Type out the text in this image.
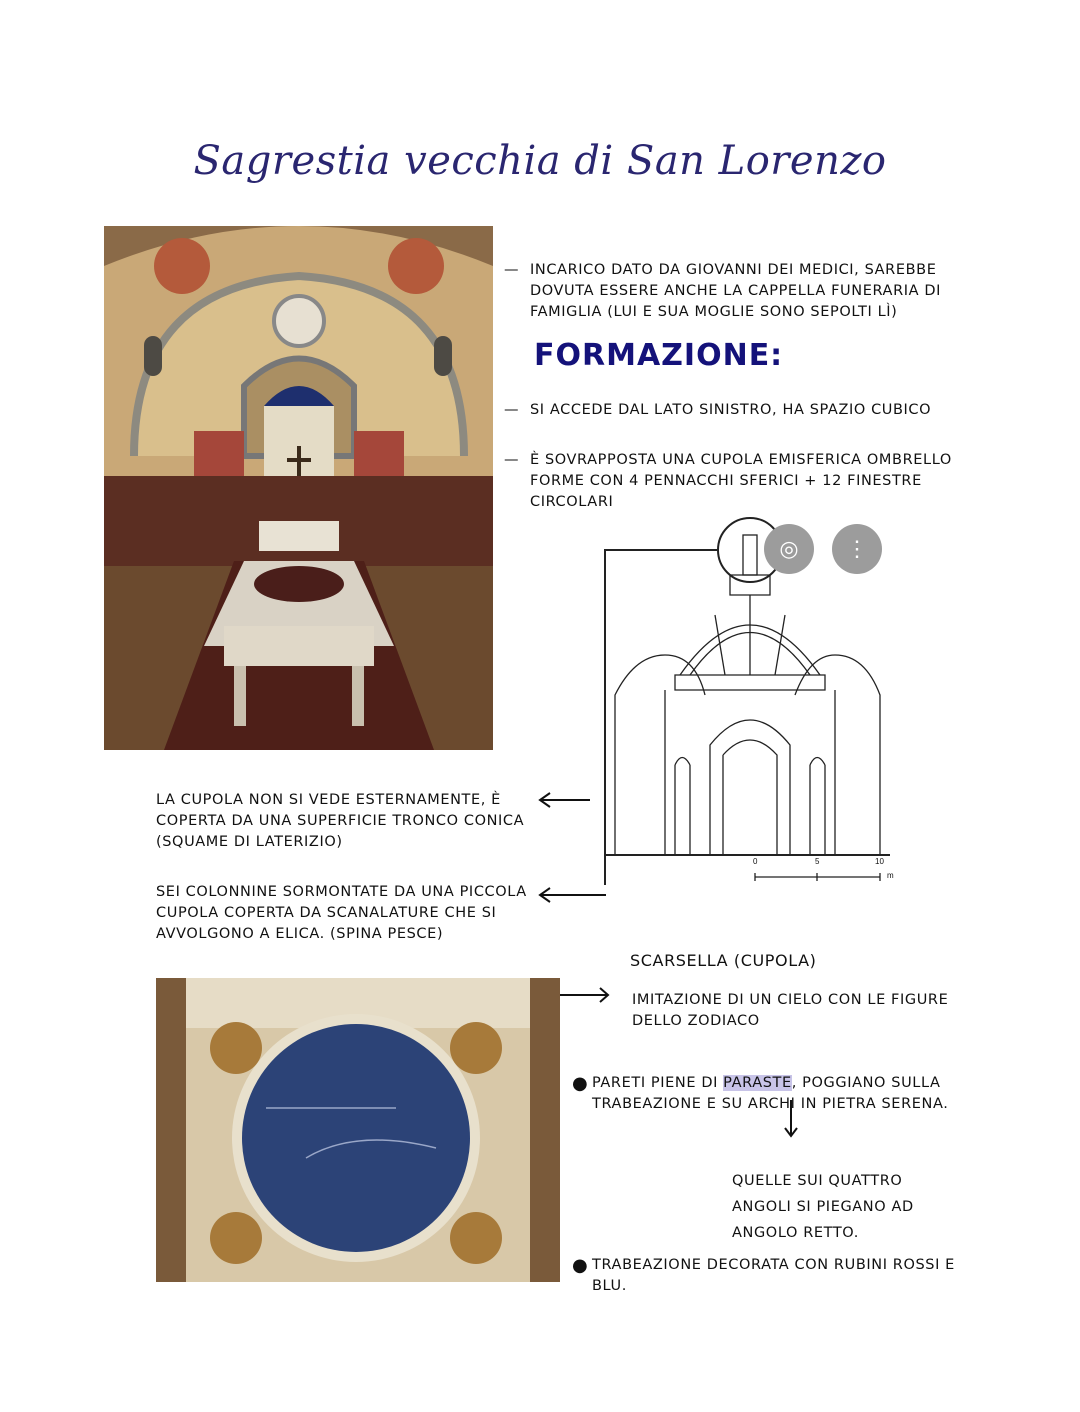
Sagrestia vecchia di San Lorenzo
— INCARICO DATO DA GIOVANNI DEI MEDICI, SAREBBE DOVUTA ESSERE ANCHE LA CAPPELLA FUNERARIA DI FAMIGLIA (LUI E SUA MOGLIE SONO SEPOLTI LÌ)
FORMAZIONE:
— SI ACCEDE DAL LATO SINISTRO, HA SPAZIO CUBICO
— È SOVRAPPOSTA UNA CUPOLA EMISFERICA OMBRELLO FORME CON 4 PENNACCHI SFERICI + 12 FINESTRE CIRCOLARI
0	5	10
m
◎	⋮
LA CUPOLA NON SI VEDE ESTERNAMENTE, È COPERTA DA UNA SUPERFICIE TRONCO CONICA (SQUAME DI LATERIZIO)
SEI COLONNINE SORMONTATE DA UNA PICCOLA CUPOLA COPERTA DA SCANALATURE CHE SI AVVOLGONO A ELICA. (SPINA PESCE)
SCARSELLA (CUPOLA)
IMITAZIONE DI UN CIELO CON LE FIGURE DELLO ZODIACO
● PARETI PIENE DI PARASTE, POGGIANO SULLA TRABEAZIONE E SU ARCHI IN PIETRA SERENA.
QUELLE SUI QUATTRO ANGOLI SI PIEGANO AD ANGOLO RETTO.
● TRABEAZIONE DECORATA CON RUBINI ROSSI E BLU.
